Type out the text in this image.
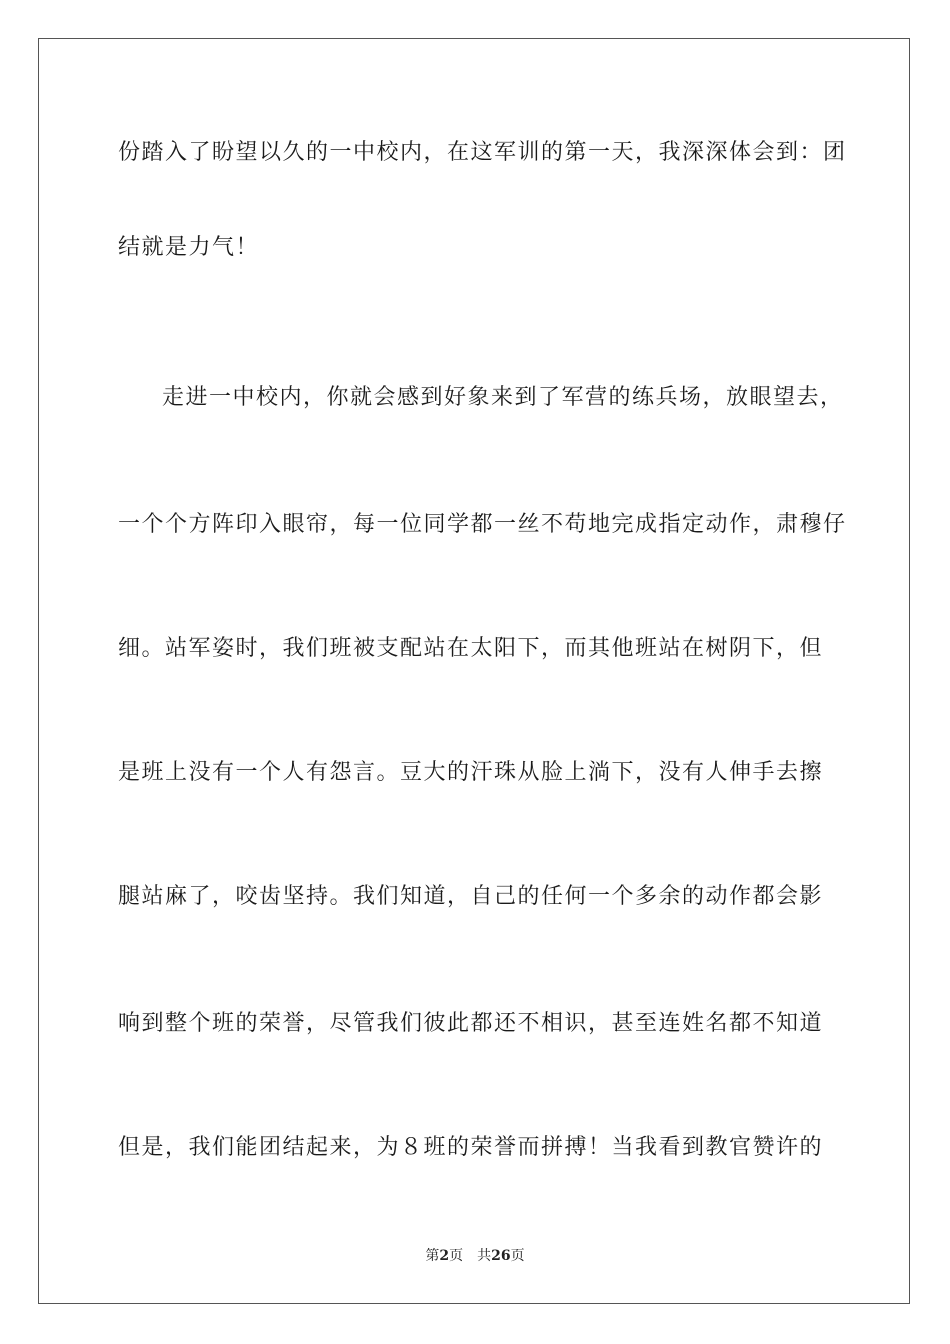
份踏入了盼望以久的一中校内，在这军训的第一天，我深深体会到：团
结就是力气！
走进一中校内，你就会感到好象来到了军营的练兵场，放眼望去，
一个个方阵印入眼帘，每一位同学都一丝不苟地完成指定动作，肃穆仔
细。站军姿时，我们班被支配站在太阳下，而其他班站在树阴下，但
是班上没有一个人有怨言。豆大的汗珠从脸上淌下，没有人伸手去擦
腿站麻了，咬齿坚持。我们知道，自己的任何一个多余的动作都会影
响到整个班的荣誉，尽管我们彼此都还不相识，甚至连姓名都不知道
但是，我们能团结起来，为８班的荣誉而拼搏！当我看到教官赞许的
第2页 共26页
